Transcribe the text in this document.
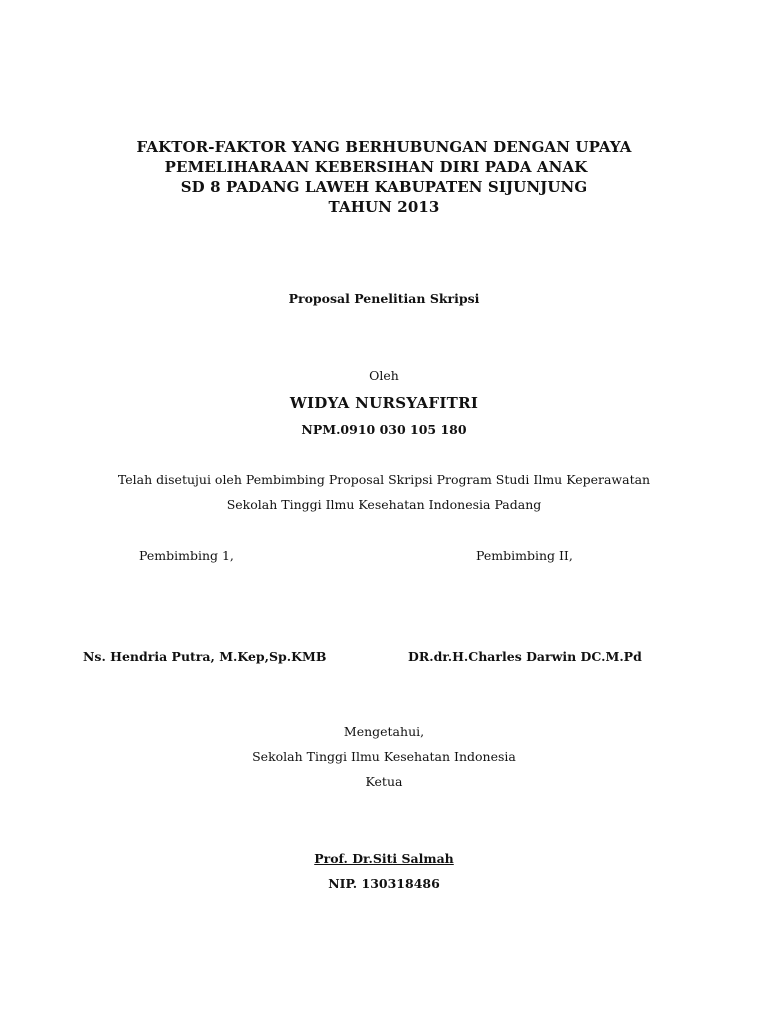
FAKTOR-FAKTOR YANG BERHUBUNGAN DENGAN UPAYA
PEMELIHARAAN KEBERSIHAN DIRI PADA ANAK
SD 8 PADANG LAWEH KABUPATEN SIJUNJUNG
TAHUN 2013
Proposal Penelitian Skripsi
Oleh
WIDYA NURSYAFITRI
NPM.0910 030 105 180
Telah disetujui oleh Pembimbing Proposal Skripsi Program Studi Ilmu Keperawatan
Sekolah Tinggi Ilmu Kesehatan Indonesia Padang
Pembimbing 1,	Pembimbing II,
Ns. Hendria Putra, M.Kep,Sp.KMB	DR.dr.H.Charles Darwin DC.M.Pd
Mengetahui,
Sekolah Tinggi Ilmu Kesehatan Indonesia
Ketua
Prof. Dr.Siti Salmah
NIP. 130318486
